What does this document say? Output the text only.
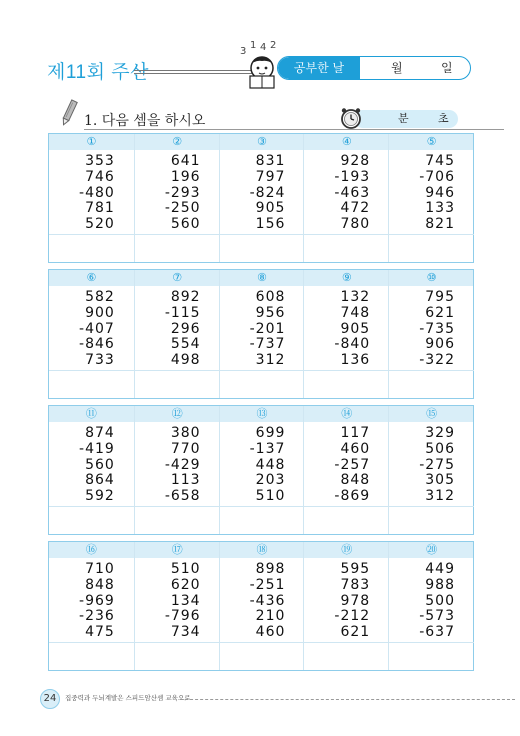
제11회 주산
3
1 4 2
공부한 날	월	일
1. 다음 셈을 하시오	분	초
①
353
746
-480
781
520
②
641
196
-293
-250
560
③
831
797
-824
905
156
④
928
-193
-463
472
780
⑤
745
-706
946
133
821
⑥
582
900
-407
-846
733
⑦
892
-115
296
554
498
⑧
608
956
-201
-737
312
⑨
132
748
905
-840
136
⑩
795
621
-735
906
-322
⑪
874
-419
560
864
592
⑫
380
770
-429
113
-658
⑬
699
-137
448
203
510
⑭
117
460
-257
848
-869
⑮
329
506
-275
305
312
⑯
710
848
-969
-236
475
⑰
510
620
134
-796
734
⑱
898
-251
-436
210
460
⑲
595
783
978
-212
621
⑳
449
988
500
-573
-637
24	집중력과 두뇌계발은 스피드암산셈 교육으로
